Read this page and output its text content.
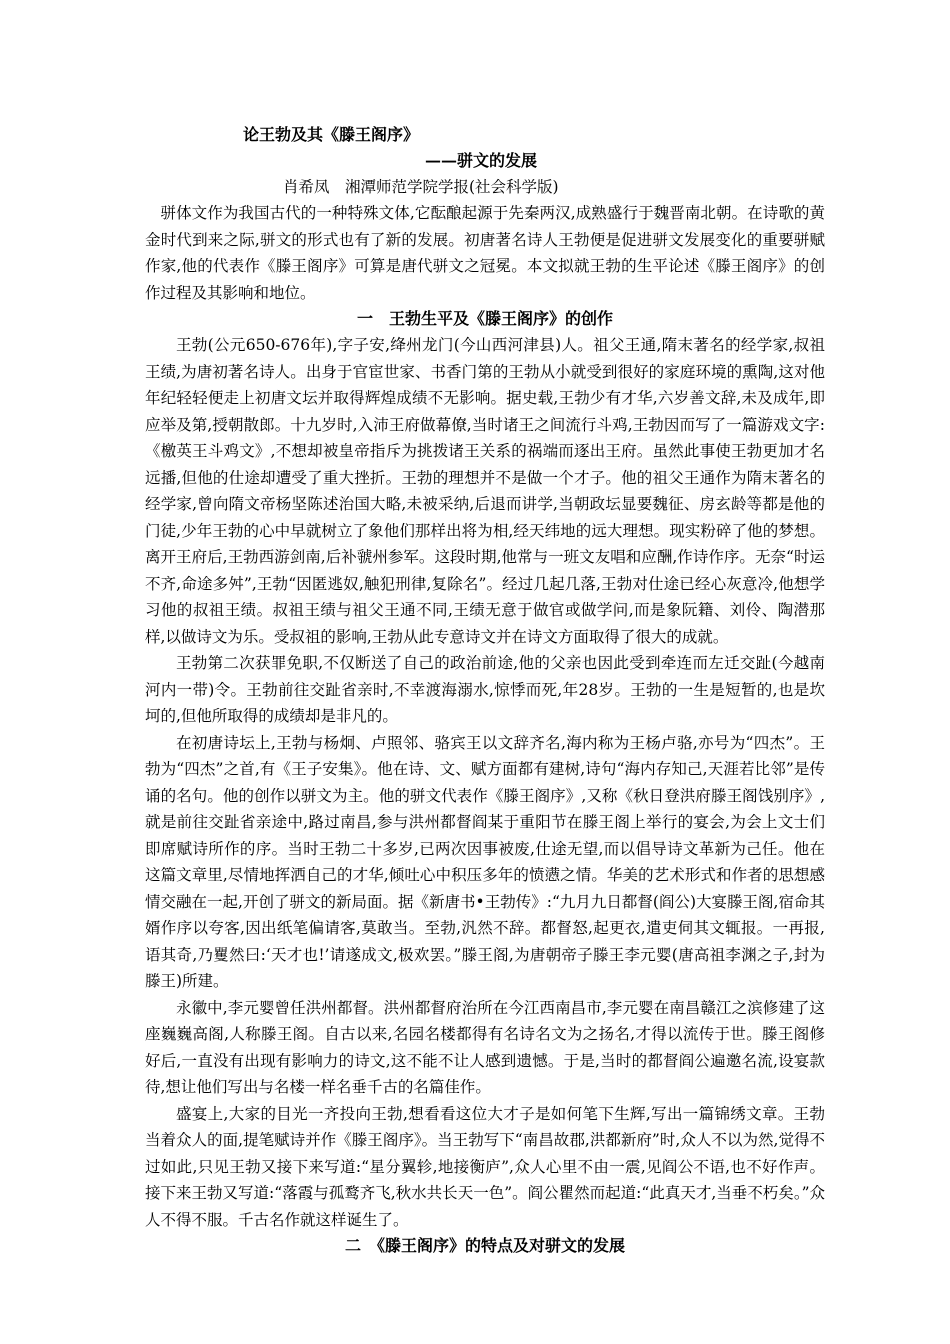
论王勃及其《滕王阁序》

——骈文的发展

肖希凤　湘潭师范学院学报(社会科学版)

骈体文作为我国古代的一种特殊文体,它酝酿起源于先秦两汉,成熟盛行于魏晋南北朝。在诗歌的黄金时代到来之际,骈文的形式也有了新的发展。初唐著名诗人王勃便是促进骈文发展变化的重要骈赋作家,他的代表作《滕王阁序》可算是唐代骈文之冠冕。本文拟就王勃的生平论述《滕王阁序》的创作过程及其影响和地位。

一　王勃生平及《滕王阁序》的创作

王勃(公元650-676年),字子安,绛州龙门(今山西河津县)人。祖父王通,隋末著名的经学家,叔祖王绩,为唐初著名诗人。出身于官宦世家、书香门第的王勃从小就受到很好的家庭环境的熏陶,这对他年纪轻轻便走上初唐文坛并取得辉煌成绩不无影响。据史载,王勃少有才华,六岁善文辞,未及成年,即应举及第,授朝散郎。十九岁时,入沛王府做幕僚,当时诸王之间流行斗鸡,王勃因而写了一篇游戏文字:《檄英王斗鸡文》,不想却被皇帝指斥为挑拨诸王关系的祸端而逐出王府。虽然此事使王勃更加才名远播,但他的仕途却遭受了重大挫折。王勃的理想并不是做一个才子。他的祖父王通作为隋末著名的经学家,曾向隋文帝杨坚陈述治国大略,未被采纳,后退而讲学,当朝政坛显要魏征、房玄龄等都是他的门徒,少年王勃的心中早就树立了象他们那样出将为相,经天纬地的远大理想。现实粉碎了他的梦想。离开王府后,王勃西游剑南,后补虢州参军。这段时期,他常与一班文友唱和应酬,作诗作序。无奈“时运不齐,命途多舛”,王勃“因匿逃奴,触犯刑律,复除名”。经过几起几落,王勃对仕途已经心灰意冷,他想学习他的叔祖王绩。叔祖王绩与祖父王通不同,王绩无意于做官或做学问,而是象阮籍、刘伶、陶潜那样,以做诗文为乐。受叔祖的影响,王勃从此专意诗文并在诗文方面取得了很大的成就。

王勃第二次获罪免职,不仅断送了自己的政治前途,他的父亲也因此受到牵连而左迁交趾(今越南河内一带)令。王勃前往交趾省亲时,不幸渡海溺水,惊悸而死,年28岁。王勃的一生是短暂的,也是坎坷的,但他所取得的成绩却是非凡的。

在初唐诗坛上,王勃与杨炯、卢照邻、骆宾王以文辞齐名,海内称为王杨卢骆,亦号为“四杰”。王勃为“四杰”之首,有《王子安集》。他在诗、文、赋方面都有建树,诗句“海内存知己,天涯若比邻”是传诵的名句。他的创作以骈文为主。他的骈文代表作《滕王阁序》,又称《秋日登洪府滕王阁饯别序》,就是前往交趾省亲途中,路过南昌,参与洪州都督阎某于重阳节在滕王阁上举行的宴会,为会上文士们即席赋诗所作的序。当时王勃二十多岁,已两次因事被废,仕途无望,而以倡导诗文革新为己任。他在这篇文章里,尽情地挥洒自己的才华,倾吐心中积压多年的愤懑之情。华美的艺术形式和作者的思想感情交融在一起,开创了骈文的新局面。据《新唐书•王勃传》:“九月九日都督(阎公)大宴滕王阁,宿命其婿作序以夸客,因出纸笔偏请客,莫敢当。至勃,汎然不辞。都督怒,起更衣,遣吏伺其文辄报。一再报,语其奇,乃矍然曰:‘天才也!’请遂成文,极欢罢。”滕王阁,为唐朝帝子滕王李元婴(唐高祖李渊之子,封为滕王)所建。

永徽中,李元婴曾任洪州都督。洪州都督府治所在今江西南昌市,李元婴在南昌赣江之滨修建了这座巍巍高阁,人称滕王阁。自古以来,名园名楼都得有名诗名文为之扬名,才得以流传于世。滕王阁修好后,一直没有出现有影响力的诗文,这不能不让人感到遗憾。于是,当时的都督阎公遍邀名流,设宴款待,想让他们写出与名楼一样名垂千古的名篇佳作。

盛宴上,大家的目光一齐投向王勃,想看看这位大才子是如何笔下生辉,写出一篇锦绣文章。王勃当着众人的面,提笔赋诗并作《滕王阁序》。当王勃写下“南昌故郡,洪都新府”时,众人不以为然,觉得不过如此,只见王勃又接下来写道:“星分翼轸,地接衡庐”,众人心里不由一震,见阎公不语,也不好作声。接下来王勃又写道:“落霞与孤鹜齐飞,秋水共长天一色”。阎公瞿然而起道:“此真天才,当垂不朽矣。”众人不得不服。千古名作就这样诞生了。

二　《滕王阁序》的特点及对骈文的发展
